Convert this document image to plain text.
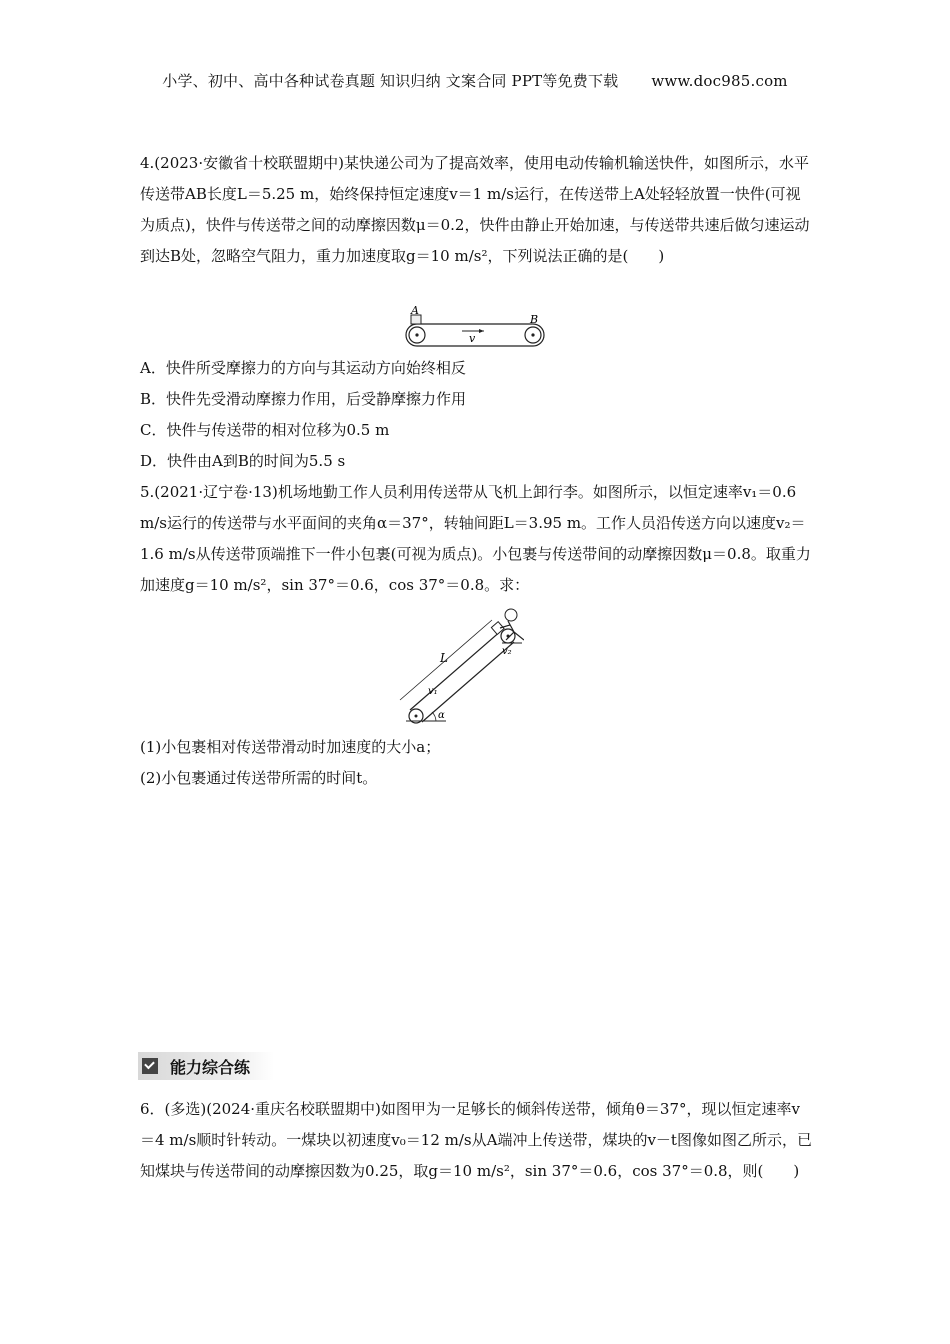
小学、初中、高中各种试卷真题 知识归纳 文案合同 PPT等免费下载 www.doc985.com

4.(2023·安徽省十校联盟期中)某快递公司为了提高效率，使用电动传输机输送快件，如图所示，水平传送带AB长度L＝5.25 m，始终保持恒定速度v＝1 m/s运行，在传送带上A处轻轻放置一快件(可视为质点)，快件与传送带之间的动摩擦因数μ＝0.2，快件由静止开始加速，与传送带共速后做匀速运动到达B处，忽略空气阻力，重力加速度取g＝10 m/s²，下列说法正确的是(　　)

A
B
v
A．快件所受摩擦力的方向与其运动方向始终相反
B．快件先受滑动摩擦力作用，后受静摩擦力作用
C．快件与传送带的相对位移为0.5 m
D．快件由A到B的时间为5.5 s

5.(2021·辽宁卷·13)机场地勤工作人员利用传送带从飞机上卸行李。如图所示，以恒定速率v₁＝0.6 m/s运行的传送带与水平面间的夹角α＝37°，转轴间距L＝3.95 m。工作人员沿传送方向以速度v₂＝1.6 m/s从传送带顶端推下一件小包裹(可视为质点)。小包裹与传送带间的动摩擦因数μ＝0.8。取重力加速度g＝10 m/s²，sin 37°＝0.6，cos 37°＝0.8。求：

L
v₁
v₂
α
(1)小包裹相对传送带滑动时加速度的大小a；
(2)小包裹通过传送带所需的时间t。
能力综合练

6．(多选)(2024·重庆名校联盟期中)如图甲为一足够长的倾斜传送带，倾角θ＝37°，现以恒定速率v＝4 m/s顺时针转动。一煤块以初速度v₀＝12 m/s从A端冲上传送带，煤块的v－t图像如图乙所示，已知煤块与传送带间的动摩擦因数为0.25，取g＝10 m/s²，sin 37°＝0.6，cos 37°＝0.8，则(　　)
